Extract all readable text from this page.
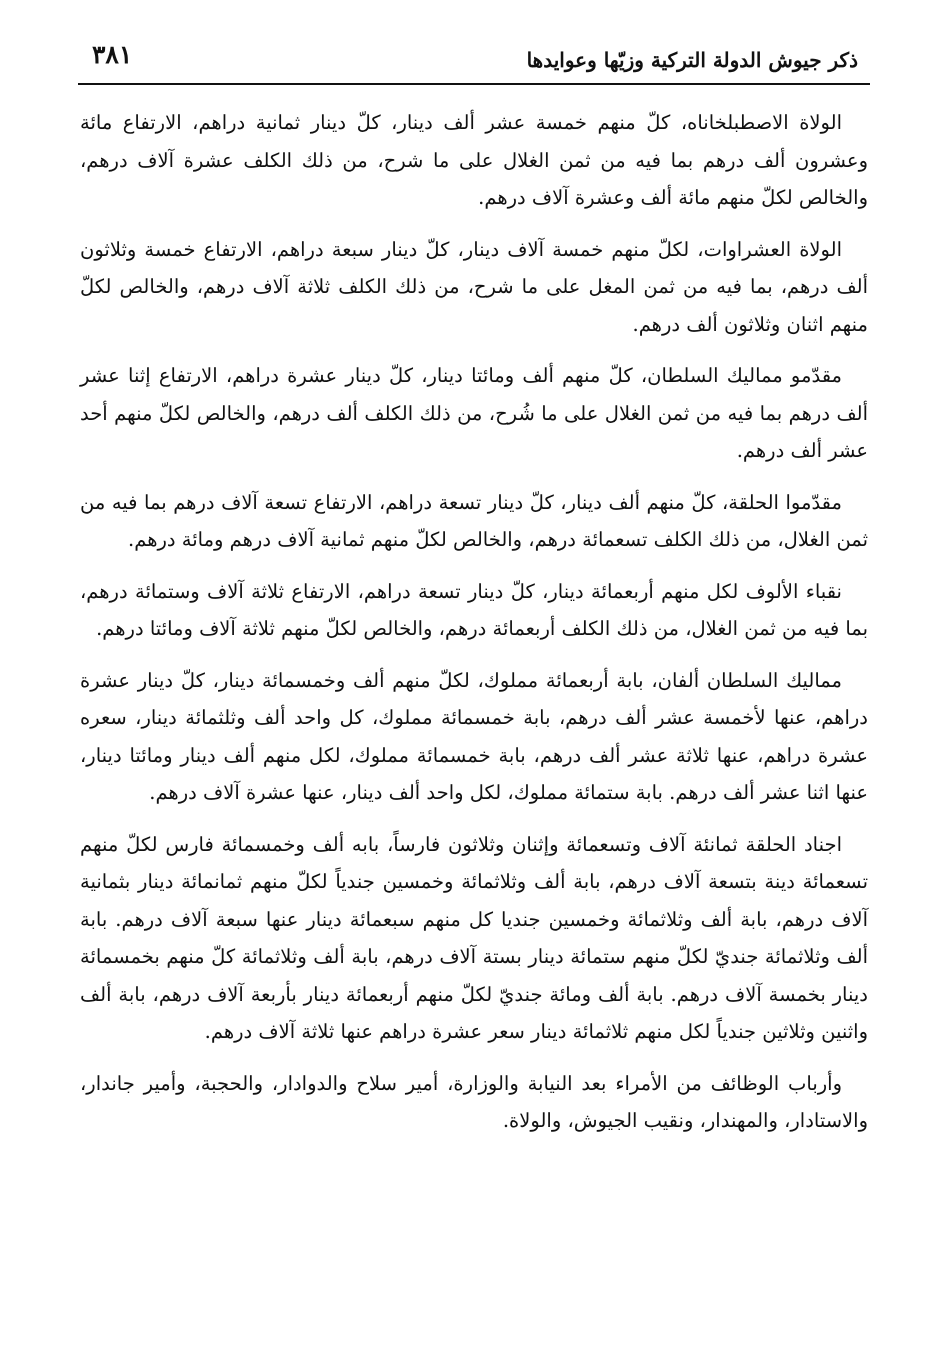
ذكر جيوش الدولة التركية وزيّها وعوايدها
٣٨١

الولاة الاصطبلخاناه، كلّ منهم خمسة عشر ألف دينار، كلّ دينار ثمانية دراهم، الارتفاع مائة وعشرون ألف درهم بما فيه من ثمن الغلال على ما شرح، من ذلك الكلف عشرة آلاف درهم، والخالص لكلّ منهم مائة ألف وعشرة آلاف درهم.

الولاة العشراوات، لكلّ منهم خمسة آلاف دينار، كلّ دينار سبعة دراهم، الارتفاع خمسة وثلاثون ألف درهم، بما فيه من ثمن المغل على ما شرح، من ذلك الكلف ثلاثة آلاف درهم، والخالص لكلّ منهم اثنان وثلاثون ألف درهم.

مقدّمو مماليك السلطان، كلّ منهم ألف ومائتا دينار، كلّ دينار عشرة دراهم، الارتفاع إثنا عشر ألف درهم بما فيه من ثمن الغلال على ما شُرح، من ذلك الكلف ألف درهم، والخالص لكلّ منهم أحد عشر ألف درهم.

مقدّموا الحلقة، كلّ منهم ألف دينار، كلّ دينار تسعة دراهم، الارتفاع تسعة آلاف درهم بما فيه من ثمن الغلال، من ذلك الكلف تسعمائة درهم، والخالص لكلّ منهم ثمانية آلاف درهم ومائة درهم.

نقباء الألوف لكل منهم أربعمائة دينار، كلّ دينار تسعة دراهم، الارتفاع ثلاثة آلاف وستمائة درهم، بما فيه من ثمن الغلال، من ذلك الكلف أربعمائة درهم، والخالص لكلّ منهم ثلاثة آلاف ومائتا درهم.

مماليك السلطان ألفان، بابة أربعمائة مملوك، لكلّ منهم ألف وخمسمائة دينار، كلّ دينار عشرة دراهم، عنها لأخمسة عشر ألف درهم، بابة خمسمائة مملوك، كل واحد ألف وثلثمائة دينار، سعره عشرة دراهم، عنها ثلاثة عشر ألف درهم، بابة خمسمائة مملوك، لكل منهم ألف دينار ومائتا دينار، عنها اثنا عشر ألف درهم. بابة ستمائة مملوك، لكل واحد ألف دينار، عنها عشرة آلاف درهم.

اجناد الحلقة ثمانئة آلاف وتسعمائة وإثنان وثلاثون فارساً، بابه ألف وخمسمائة فارس لكلّ منهم تسعمائة دينة بتسعة آلاف درهم، بابة ألف وثلاثمائة وخمسين جندياً لكلّ منهم ثمانمائة دينار بثمانية آلاف درهم، بابة ألف وثلاثمائة وخمسين جنديا كل منهم سبعمائة دينار عنها سبعة آلاف درهم. بابة ألف وثلاثمائة جنديّ لكلّ منهم ستمائة دينار بستة آلاف درهم، بابة ألف وثلاثمائة كلّ منهم بخمسمائة دينار بخمسة آلاف درهم. بابة ألف ومائة جنديّ لكلّ منهم أربعمائة دينار بأربعة آلاف درهم، بابة ألف واثنين وثلاثين جندياً لكل منهم ثلاثمائة دينار سعر عشرة دراهم عنها ثلاثة آلاف درهم.

وأرباب الوظائف من الأمراء بعد النيابة والوزارة، أمير سلاح والدوادار، والحجبة، وأمير جاندار، والاستادار، والمهندار، ونقيب الجيوش، والولاة.
